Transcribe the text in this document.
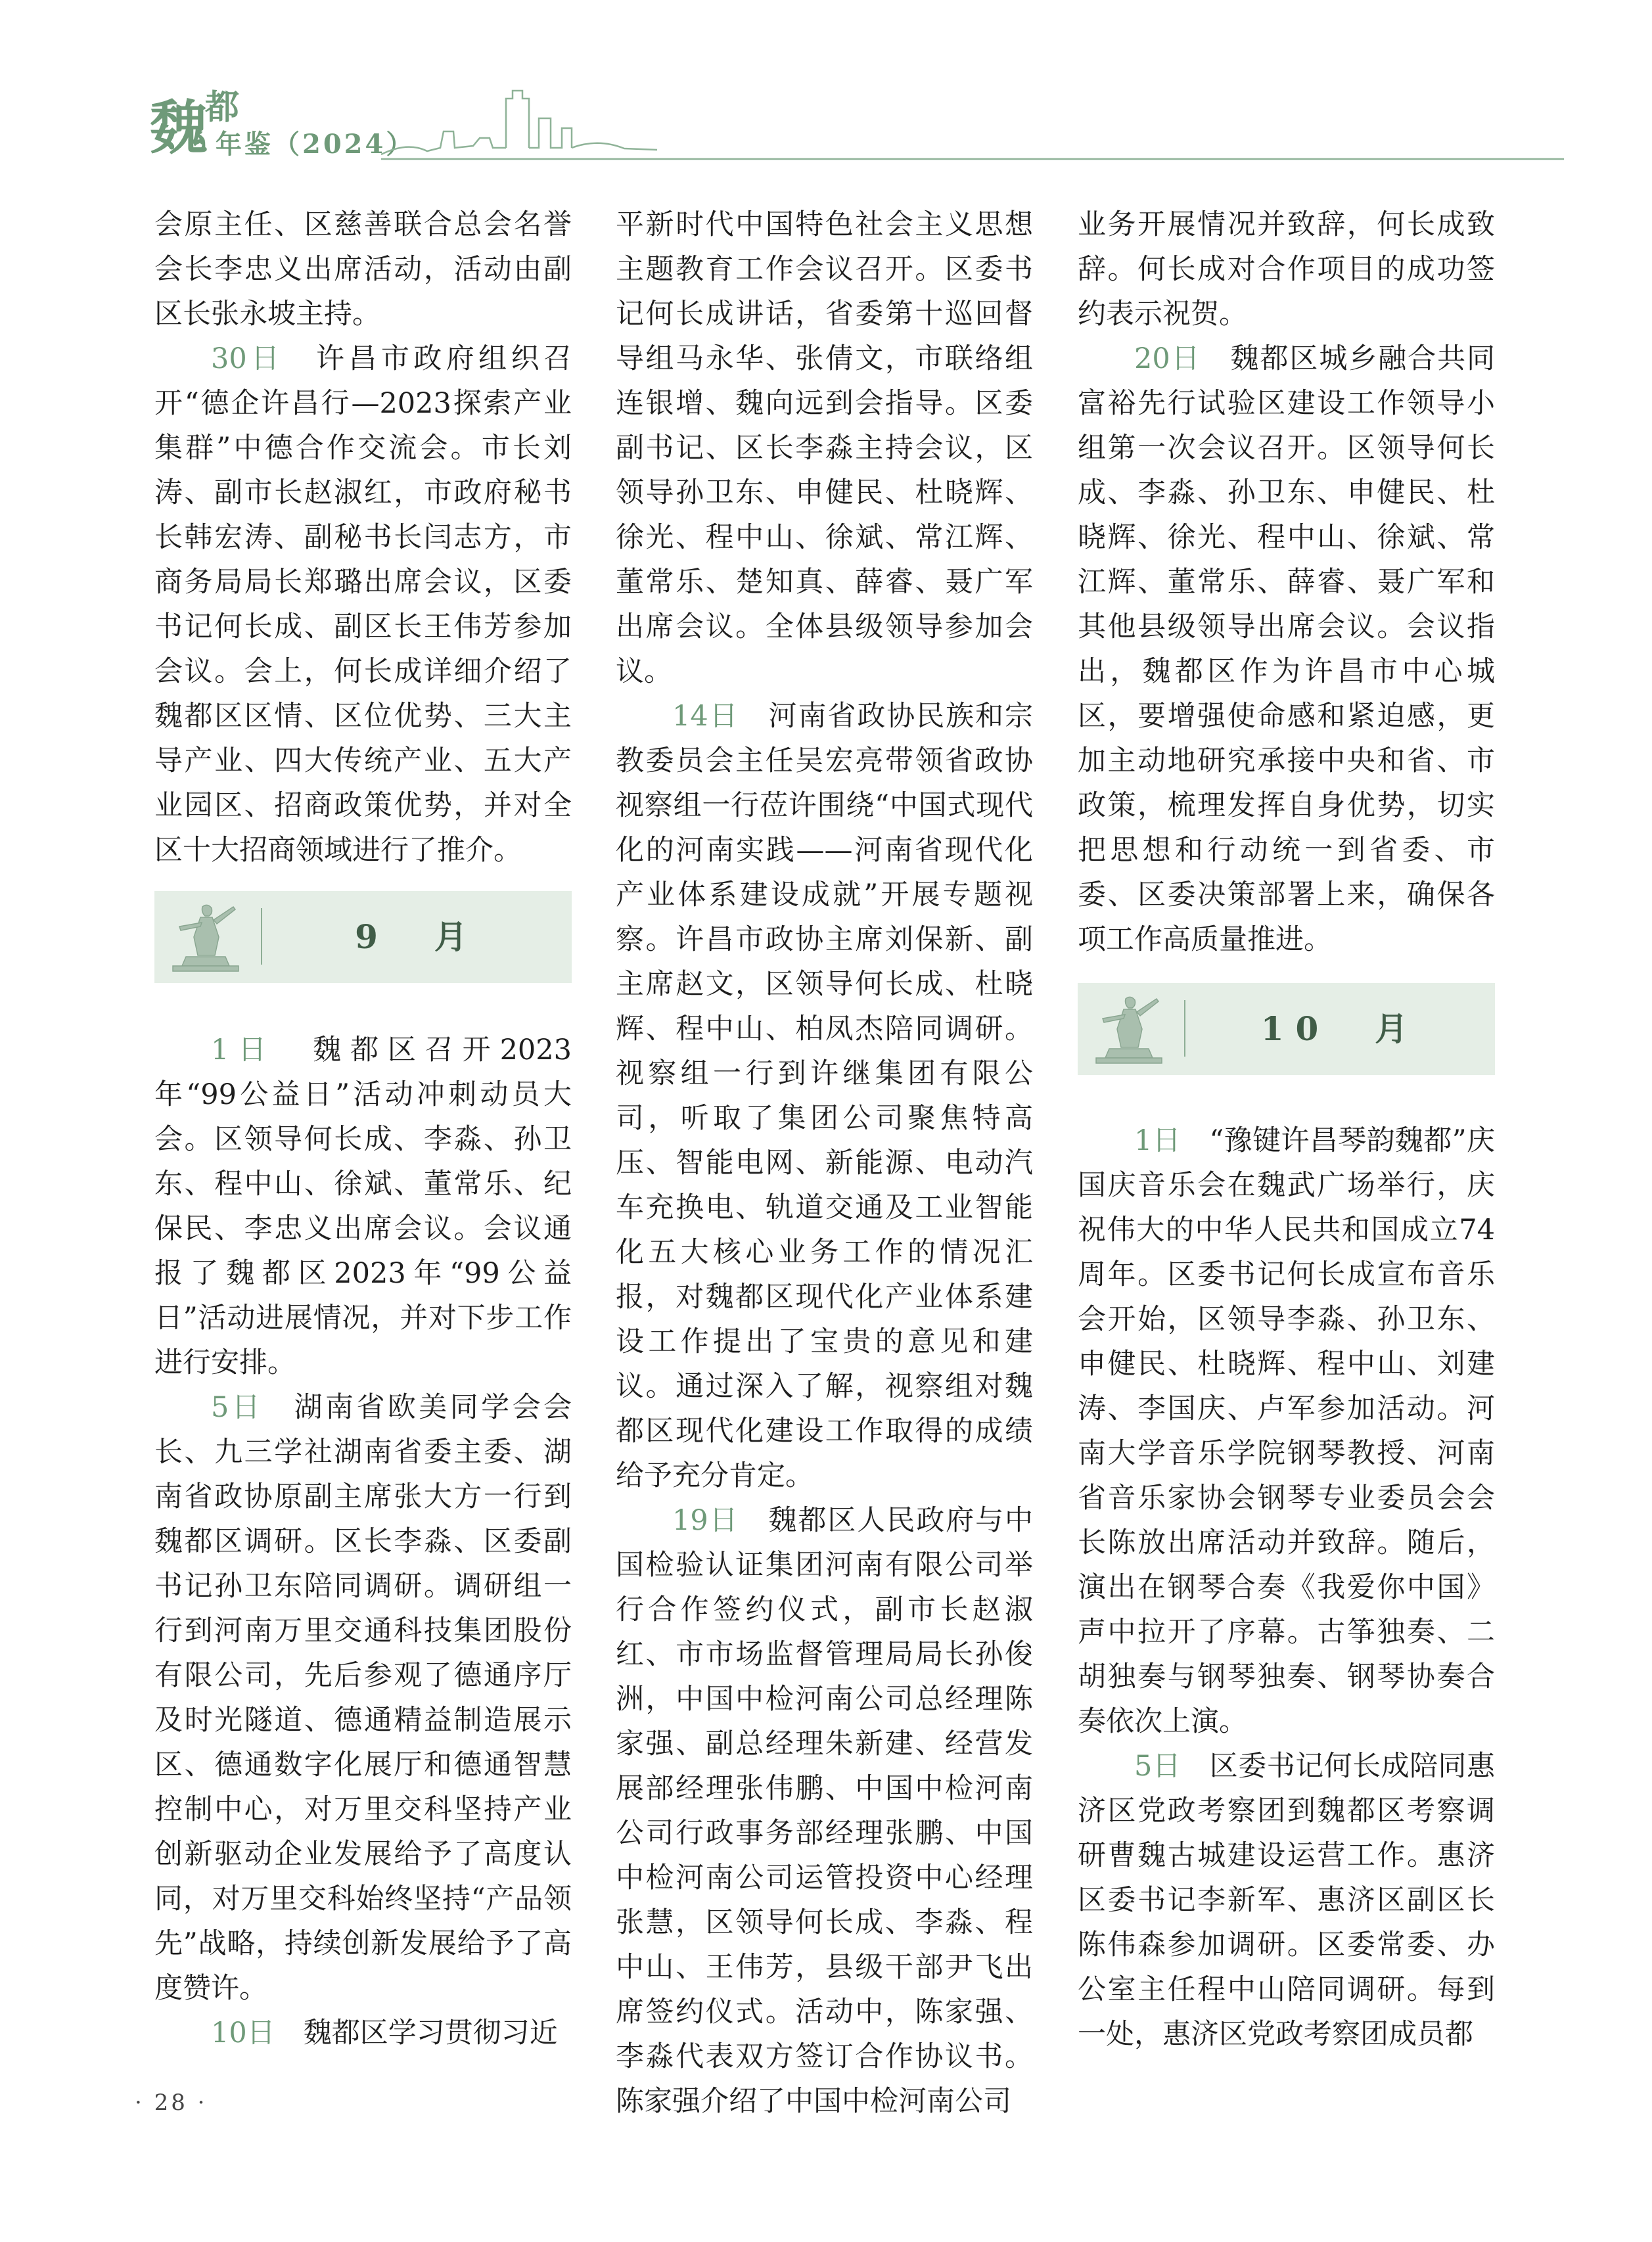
魏
都
年鉴（2024）

会原主任、区慈善联合总会名誉会长李忠义出席活动，活动由副区长张永坡主持。

30日　许昌市政府组织召开“德企许昌行—2023探索产业集群”中德合作交流会。市长刘涛、副市长赵淑红，市政府秘书长韩宏涛、副秘书长闫志方，市商务局局长郑璐出席会议，区委书记何长成、副区长王伟芳参加会议。会上，何长成详细介绍了魏都区区情、区位优势、三大主导产业、四大传统产业、五大产业园区、招商政策优势，并对全区十大招商领域进行了推介。

9　月

1日　魏都区召开2023年“99公益日”活动冲刺动员大会。区领导何长成、李淼、孙卫东、程中山、徐斌、董常乐、纪保民、李忠义出席会议。会议通报了魏都区2023年“99公益日”活动进展情况，并对下步工作进行安排。

5日　湖南省欧美同学会会长、九三学社湖南省委主委、湖南省政协原副主席张大方一行到魏都区调研。区长李淼、区委副书记孙卫东陪同调研。调研组一行到河南万里交通科技集团股份有限公司，先后参观了德通序厅及时光隧道、德通精益制造展示区、德通数字化展厅和德通智慧控制中心，对万里交科坚持产业创新驱动企业发展给予了高度认同，对万里交科始终坚持“产品领先”战略，持续创新发展给予了高度赞许。

10日　魏都区学习贯彻习近

平新时代中国特色社会主义思想主题教育工作会议召开。区委书记何长成讲话，省委第十巡回督导组马永华、张倩文，市联络组连银增、魏向远到会指导。区委副书记、区长李淼主持会议，区领导孙卫东、申健民、杜晓辉、徐光、程中山、徐斌、常江辉、董常乐、楚知真、薛睿、聂广军出席会议。全体县级领导参加会议。

14日　河南省政协民族和宗教委员会主任吴宏亮带领省政协视察组一行莅许围绕“中国式现代化的河南实践——河南省现代化产业体系建设成就”开展专题视察。许昌市政协主席刘保新、副主席赵文，区领导何长成、杜晓辉、程中山、柏凤杰陪同调研。视察组一行到许继集团有限公司，听取了集团公司聚焦特高压、智能电网、新能源、电动汽车充换电、轨道交通及工业智能化五大核心业务工作的情况汇报，对魏都区现代化产业体系建设工作提出了宝贵的意见和建议。通过深入了解，视察组对魏都区现代化建设工作取得的成绩给予充分肯定。

19日　魏都区人民政府与中国检验认证集团河南有限公司举行合作签约仪式，副市长赵淑红、市市场监督管理局局长孙俊洲，中国中检河南公司总经理陈家强、副总经理朱新建、经营发展部经理张伟鹏、中国中检河南公司行政事务部经理张鹏、中国中检河南公司运管投资中心经理张慧，区领导何长成、李淼、程中山、王伟芳，县级干部尹飞出席签约仪式。活动中，陈家强、李淼代表双方签订合作协议书。陈家强介绍了中国中检河南公司

业务开展情况并致辞，何长成致辞。何长成对合作项目的成功签约表示祝贺。

20日　魏都区城乡融合共同富裕先行试验区建设工作领导小组第一次会议召开。区领导何长成、李淼、孙卫东、申健民、杜晓辉、徐光、程中山、徐斌、常江辉、董常乐、薛睿、聂广军和其他县级领导出席会议。会议指出，魏都区作为许昌市中心城区，要增强使命感和紧迫感，更加主动地研究承接中央和省、市政策，梳理发挥自身优势，切实把思想和行动统一到省委、市委、区委决策部署上来，确保各项工作高质量推进。

10　月

1日　“豫键许昌琴韵魏都”庆国庆音乐会在魏武广场举行，庆祝伟大的中华人民共和国成立74周年。区委书记何长成宣布音乐会开始，区领导李淼、孙卫东、申健民、杜晓辉、程中山、刘建涛、李国庆、卢军参加活动。河南大学音乐学院钢琴教授、河南省音乐家协会钢琴专业委员会会长陈放出席活动并致辞。随后，演出在钢琴合奏《我爱你中国》声中拉开了序幕。古筝独奏、二胡独奏与钢琴独奏、钢琴协奏合奏依次上演。

5日　区委书记何长成陪同惠济区党政考察团到魏都区考察调研曹魏古城建设运营工作。惠济区委书记李新军、惠济区副区长陈伟森参加调研。区委常委、办公室主任程中山陪同调研。每到一处，惠济区党政考察团成员都

· 28 ·
